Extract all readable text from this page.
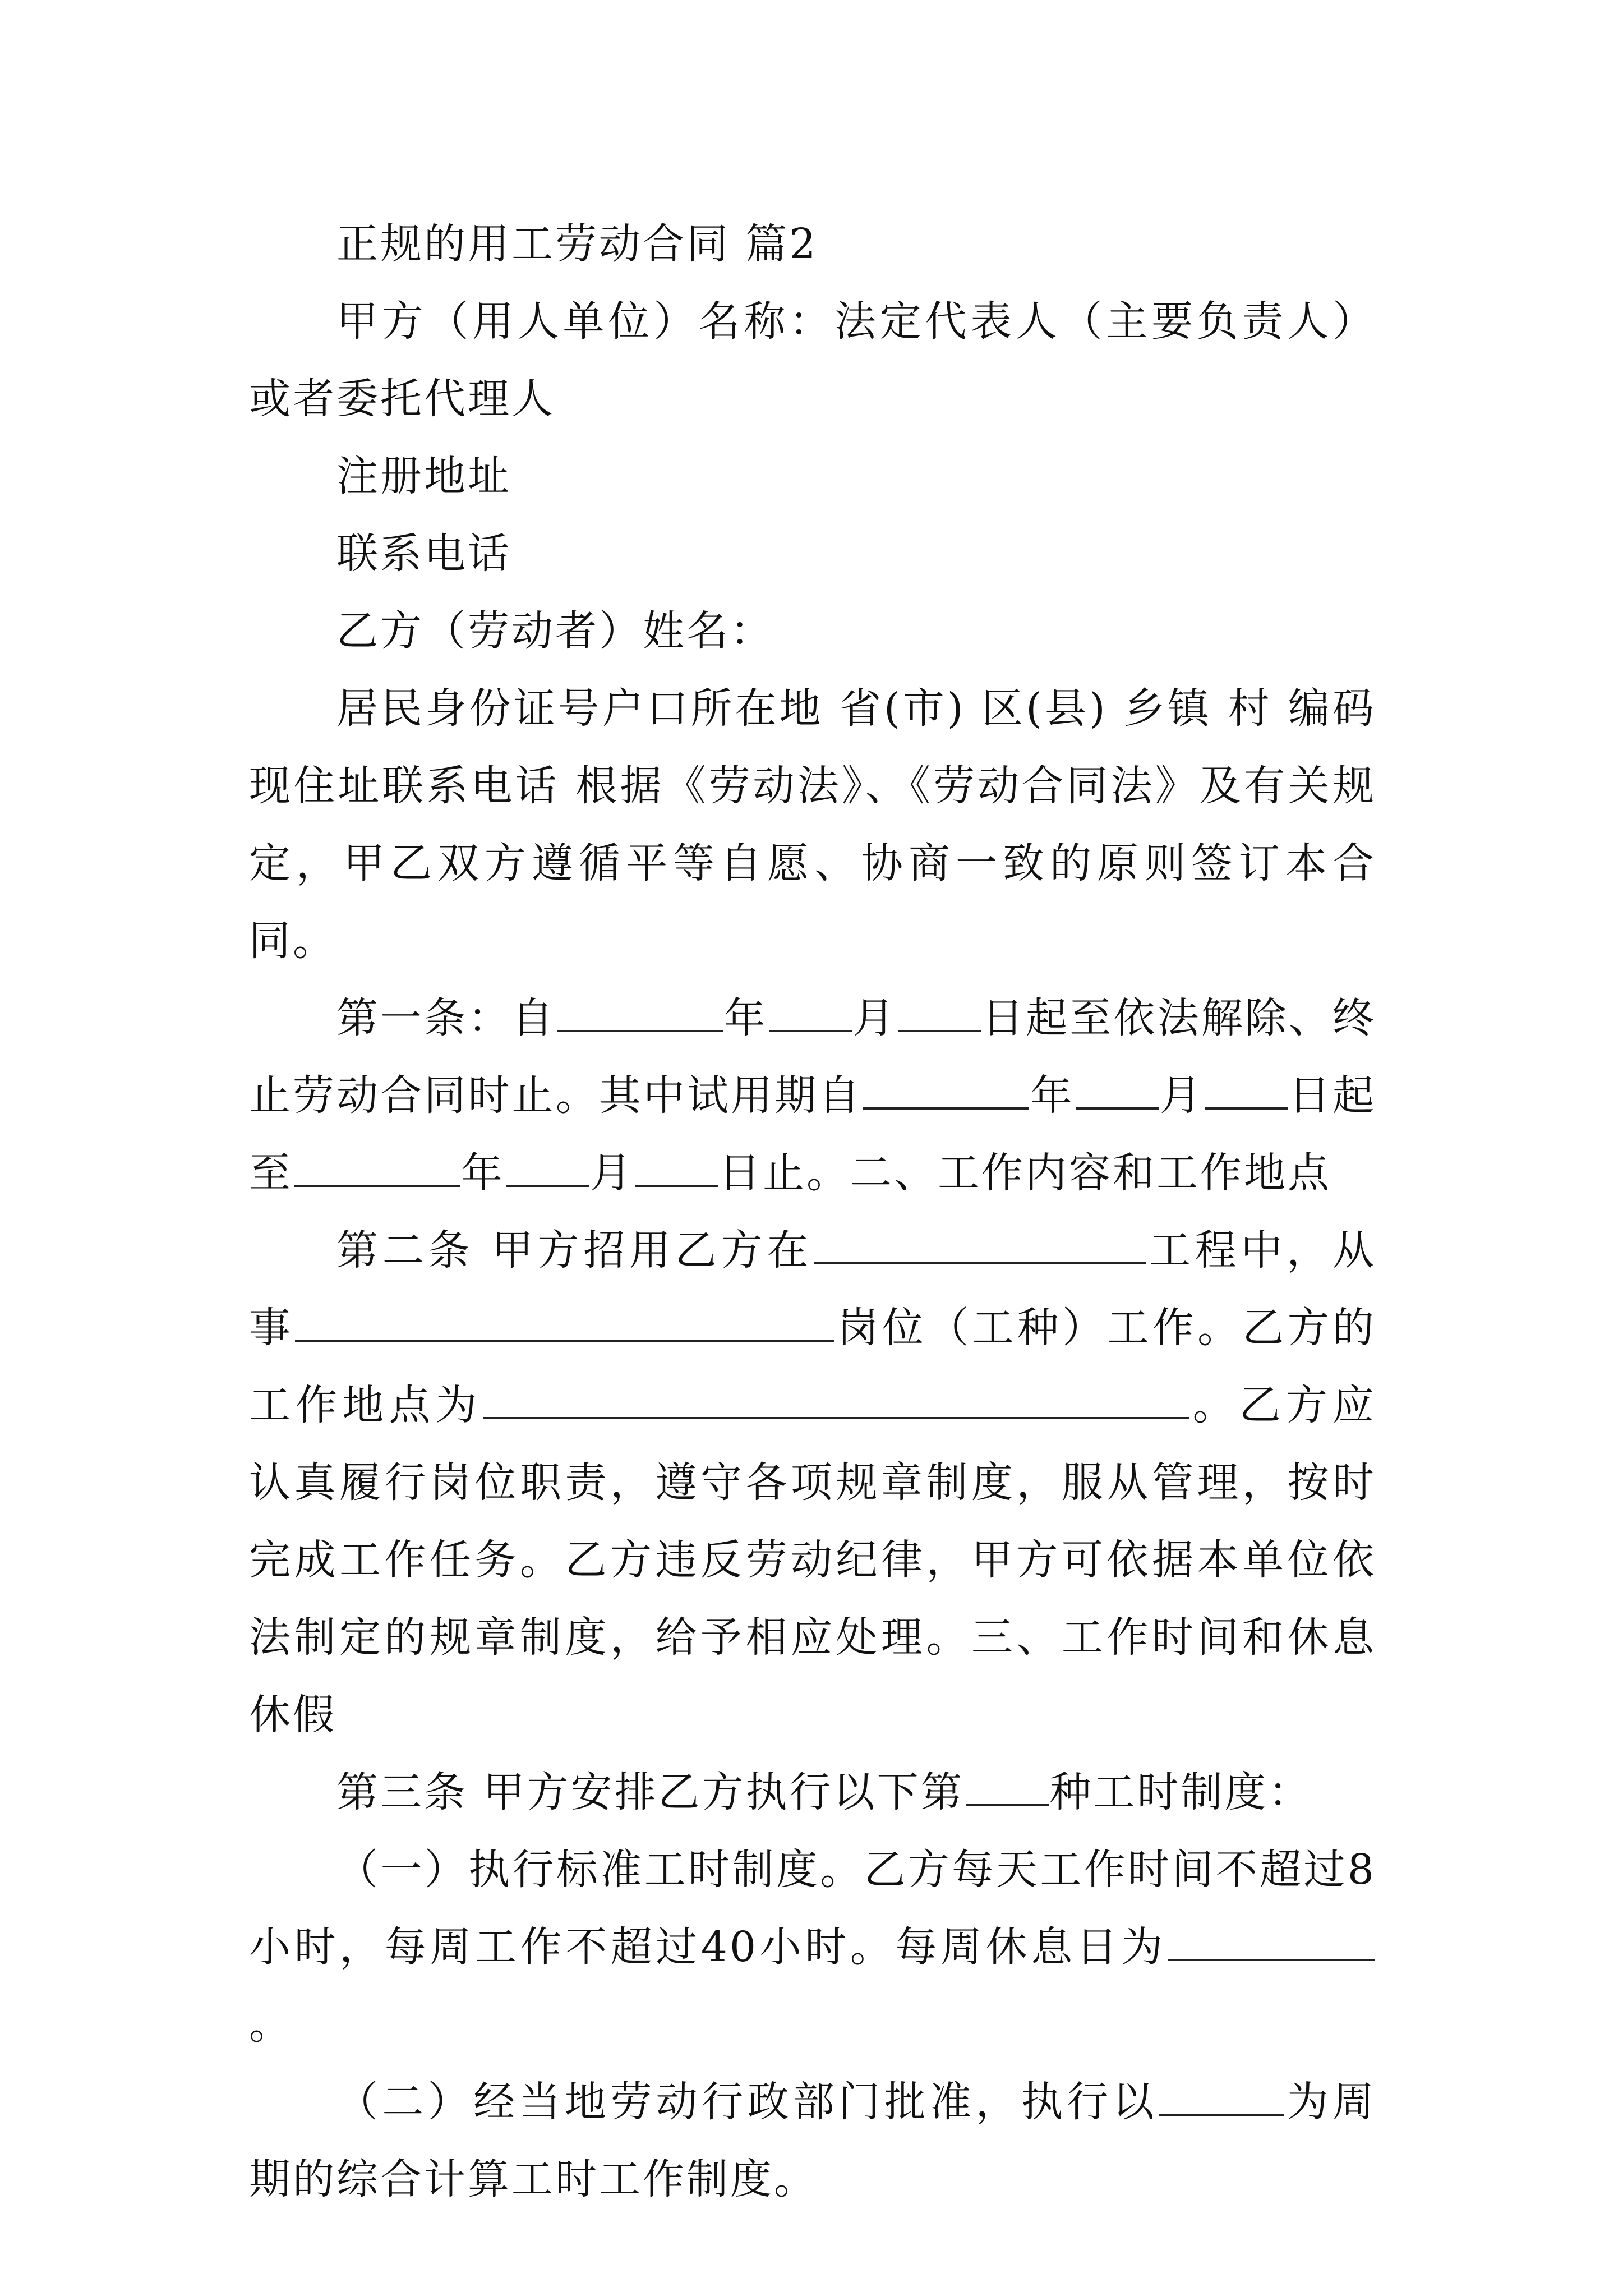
正规的用工劳动合同 篇2

甲方（用人单位）名称：法定代表人（主要负责人）或者委托代理人

注册地址

联系电话

乙方（劳动者）姓名：

居民身份证号户口所在地 省(市) 区(县) 乡镇 村 编码现住址联系电话 根据《劳动法》、《劳动合同法》及有关规定，甲乙双方遵循平等自愿、协商一致的原则签订本合同。

第一条：自	年 月 日起至依法解除、终止劳动合同时止。其中试用期自	年 月 日起至	年 月 日止。二、工作内容和工作地点

第二条 甲方招用乙方在	工程中，从事	岗位（工种）工作。乙方的工作地点为	。乙方应认真履行岗位职责，遵守各项规章制度，服从管理，按时完成工作任务。乙方违反劳动纪律，甲方可依据本单位依法制定的规章制度，给予相应处理。三、工作时间和休息休假

第三条 甲方安排乙方执行以下第 种工时制度：

（一）执行标准工时制度。乙方每天工作时间不超过8小时，每周工作不超过40小时。每周休息日为。

（二）经当地劳动行政部门批准，执行以	为周期的综合计算工时工作制度。
